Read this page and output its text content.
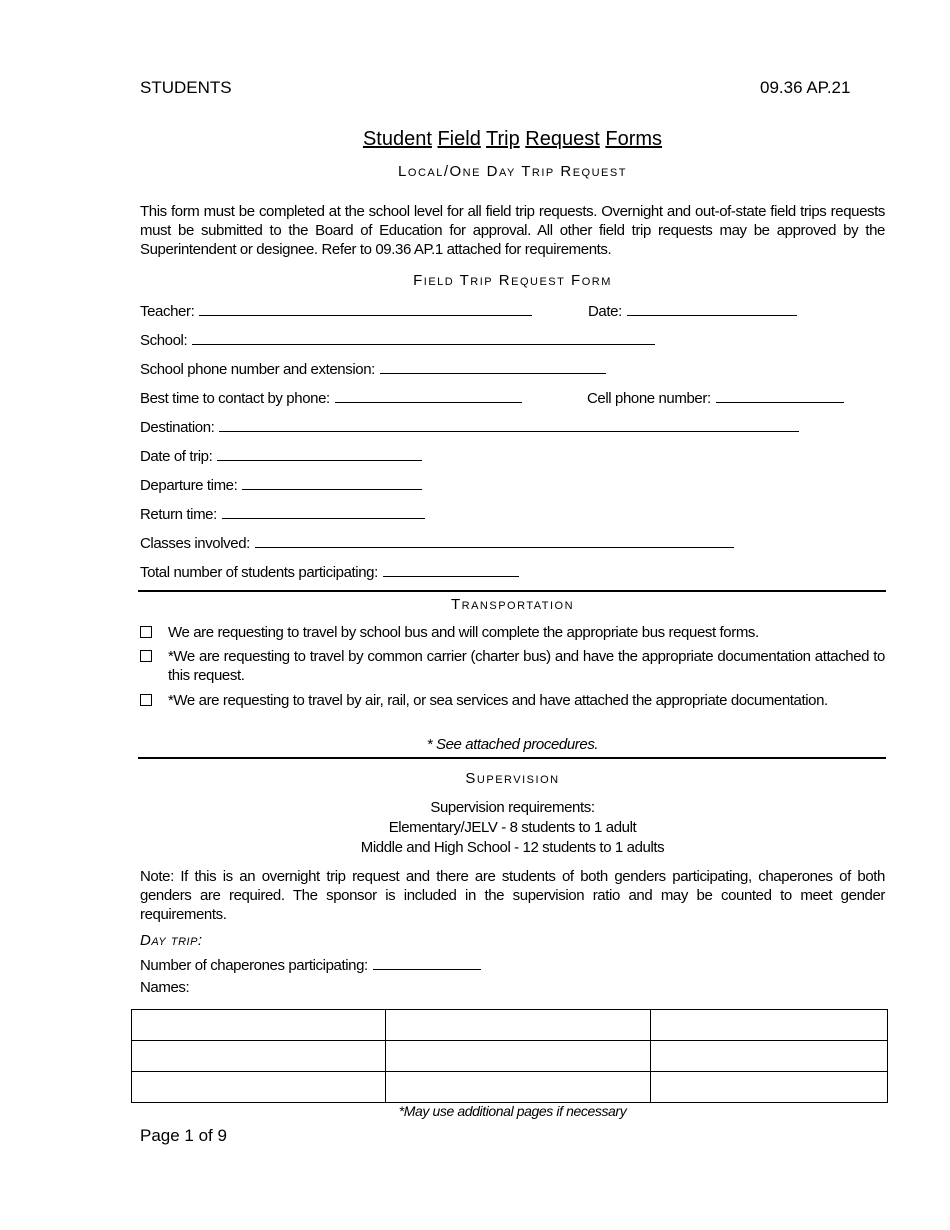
STUDENTS	09.36 AP.21
Student Field Trip Request Forms
Local/One Day Trip Request
This form must be completed at the school level for all field trip requests. Overnight and out-of-state field trips requests must be submitted to the Board of Education for approval. All other field trip requests may be approved by the Superintendent or designee. Refer to 09.36 AP.1 attached for requirements.
Field Trip Request Form
Teacher:	Date:
School:
School phone number and extension:
Best time to contact by phone:	Cell phone number:
Destination:
Date of trip:
Departure time:
Return time:
Classes involved:
Total number of students participating:
Transportation
We are requesting to travel by school bus and will complete the appropriate bus request forms.
*We are requesting to travel by common carrier (charter bus) and have the appropriate documentation attached to this request.
*We are requesting to travel by air, rail, or sea services and have attached the appropriate documentation.
* See attached procedures.
Supervision
Supervision requirements:
Elementary/JELV - 8 students to 1 adult
Middle and High School - 12 students to 1 adults
Note: If this is an overnight trip request and there are students of both genders participating, chaperones of both genders are required. The sponsor is included in the supervision ratio and may be counted to meet gender requirements.
Day trip:
Number of chaperones participating:
Names:

*May use additional pages if necessary
Page 1 of 9
